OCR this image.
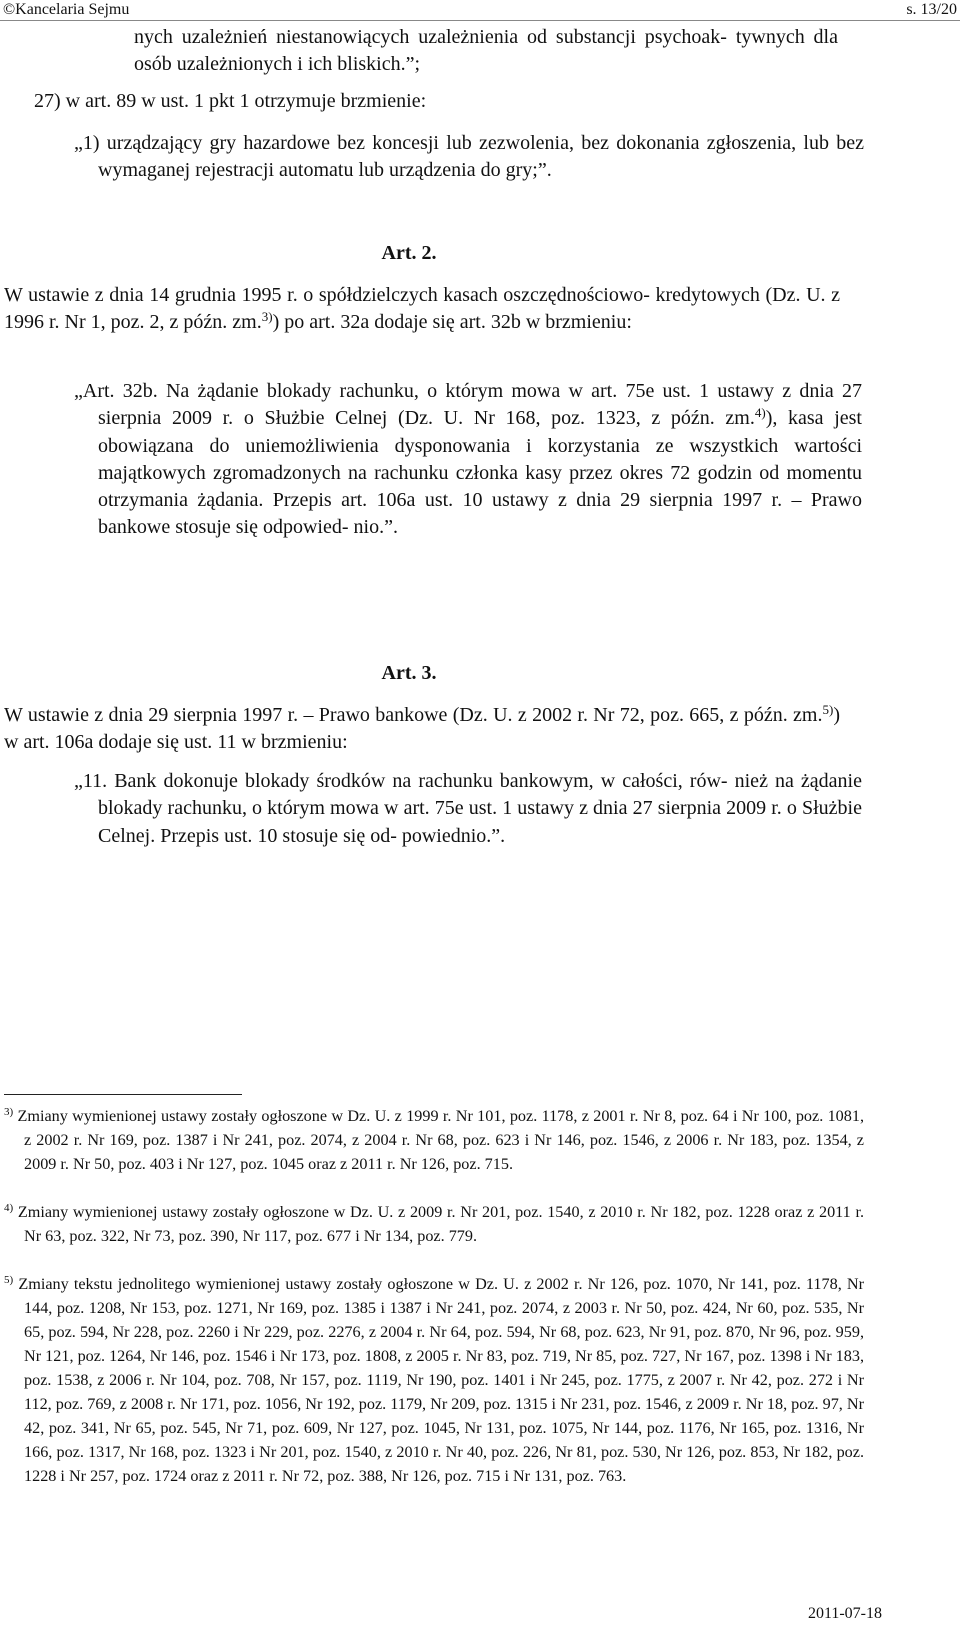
©Kancelaria Sejmu	s. 13/20

nych uzależnień niestanowiących uzależnienia od substancji psychoak- tywnych dla osób uzależnionych i ich bliskich.”;

27) w art. 89 w ust. 1 pkt 1 otrzymuje brzmienie:

„1) urządzający gry hazardowe bez koncesji lub zezwolenia, bez dokonania zgłoszenia, lub bez wymaganej rejestracji automatu lub urządzenia do gry;”.

Art. 2.

W ustawie z dnia 14 grudnia 1995 r. o spółdzielczych kasach oszczędnościowo- kredytowych (Dz. U. z 1996 r. Nr 1, poz. 2, z późn. zm.$^{3)}$) po art. 32a dodaje się art. 32b w brzmieniu:

„Art. 32b. Na żądanie blokady rachunku, o którym mowa w art. 75e ust. 1 ustawy z dnia 27 sierpnia 2009 r. o Służbie Celnej (Dz. U. Nr 168, poz. 1323, z późn. zm.$^{4)}$), kasa jest obowiązana do uniemożliwienia dysponowania i korzystania ze wszystkich wartości majątkowych zgromadzonych na rachunku członka kasy przez okres 72 godzin od momentu otrzymania żądania. Przepis art. 106a ust. 10 ustawy z dnia 29 sierpnia 1997 r. – Prawo bankowe stosuje się odpowied- nio.”.

Art. 3.

W ustawie z dnia 29 sierpnia 1997 r. – Prawo bankowe (Dz. U. z 2002 r. Nr 72, poz. 665, z późn. zm.$^{5)}$) w art. 106a dodaje się ust. 11 w brzmieniu:

„11. Bank dokonuje blokady środków na rachunku bankowym, w całości, rów- nież na żądanie blokady rachunku, o którym mowa w art. 75e ust. 1 ustawy z dnia 27 sierpnia 2009 r. o Służbie Celnej. Przepis ust. 10 stosuje się od- powiednio.”.

$^{3)}$ Zmiany wymienionej ustawy zostały ogłoszone w Dz. U. z 1999 r. Nr 101, poz. 1178, z 2001 r. Nr 8, poz. 64 i Nr 100, poz. 1081, z 2002 r. Nr 169, poz. 1387 i Nr 241, poz. 2074, z 2004 r. Nr 68, poz. 623 i Nr 146, poz. 1546, z 2006 r. Nr 183, poz. 1354, z 2009 r. Nr 50, poz. 403 i Nr 127, poz. 1045 oraz z 2011 r. Nr 126, poz. 715.

$^{4)}$ Zmiany wymienionej ustawy zostały ogłoszone w Dz. U. z 2009 r. Nr 201, poz. 1540, z 2010 r. Nr 182, poz. 1228 oraz z 2011 r. Nr 63, poz. 322, Nr 73, poz. 390, Nr 117, poz. 677 i Nr 134, poz. 779.

$^{5)}$ Zmiany tekstu jednolitego wymienionej ustawy zostały ogłoszone w Dz. U. z 2002 r. Nr 126, poz. 1070, Nr 141, poz. 1178, Nr 144, poz. 1208, Nr 153, poz. 1271, Nr 169, poz. 1385 i 1387 i Nr 241, poz. 2074, z 2003 r. Nr 50, poz. 424, Nr 60, poz. 535, Nr 65, poz. 594, Nr 228, poz. 2260 i Nr 229, poz. 2276, z 2004 r. Nr 64, poz. 594, Nr 68, poz. 623, Nr 91, poz. 870, Nr 96, poz. 959, Nr 121, poz. 1264, Nr 146, poz. 1546 i Nr 173, poz. 1808, z 2005 r. Nr 83, poz. 719, Nr 85, poz. 727, Nr 167, poz. 1398 i Nr 183, poz. 1538, z 2006 r. Nr 104, poz. 708, Nr 157, poz. 1119, Nr 190, poz. 1401 i Nr 245, poz. 1775, z 2007 r. Nr 42, poz. 272 i Nr 112, poz. 769, z 2008 r. Nr 171, poz. 1056, Nr 192, poz. 1179, Nr 209, poz. 1315 i Nr 231, poz. 1546, z 2009 r. Nr 18, poz. 97, Nr 42, poz. 341, Nr 65, poz. 545, Nr 71, poz. 609, Nr 127, poz. 1045, Nr 131, poz. 1075, Nr 144, poz. 1176, Nr 165, poz. 1316, Nr 166, poz. 1317, Nr 168, poz. 1323 i Nr 201, poz. 1540, z 2010 r. Nr 40, poz. 226, Nr 81, poz. 530, Nr 126, poz. 853, Nr 182, poz. 1228 i Nr 257, poz. 1724 oraz z 2011 r. Nr 72, poz. 388, Nr 126, poz. 715 i Nr 131, poz. 763.

2011-07-18
